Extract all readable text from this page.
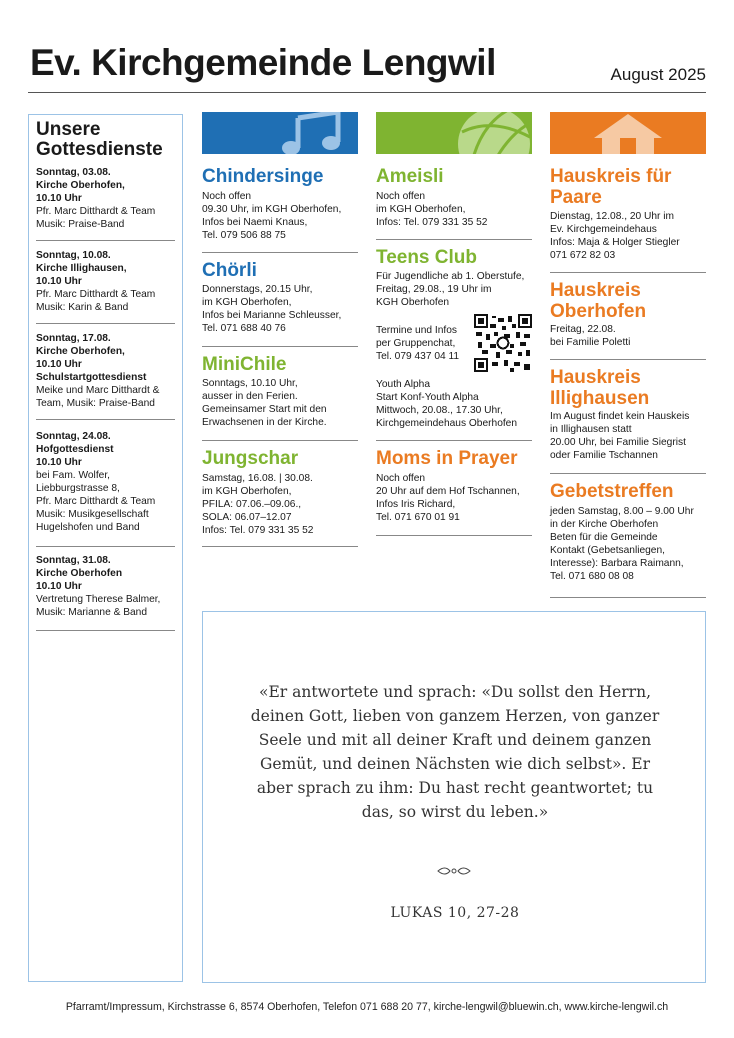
Ev. Kirchgemeinde Lengwil	August 2025
Unsere Gottesdienste
Sonntag, 03.08.
Kirche Oberhofen,
10.10 Uhr
Pfr. Marc Ditthardt & Team
Musik: Praise-Band
Sonntag, 10.08.
Kirche Illighausen,
10.10 Uhr
Pfr. Marc Ditthardt & Team
Musik: Karin & Band
Sonntag, 17.08.
Kirche Oberhofen,
10.10 Uhr
Schulstartgottesdienst
Meike und Marc Ditthardt &
Team, Musik: Praise-Band
Sonntag, 24.08.
Hofgottesdienst
10.10 Uhr
bei Fam. Wolfer,
Liebburgstrasse 8,
Pfr. Marc Ditthardt & Team
Musik: Musikgesellschaft
Hugelshofen und Band
Sonntag, 31.08.
Kirche Oberhofen
10.10 Uhr
Vertretung Therese Balmer,
Musik: Marianne & Band
Chindersinge
Noch offen
09.30 Uhr, im KGH Oberhofen,
Infos bei Naemi Knaus,
Tel. 079 506 88 75
Chörli
Donnerstags, 20.15 Uhr,
im KGH Oberhofen,
Infos bei Marianne Schleusser,
Tel. 071 688 40 76
MiniChile
Sonntags, 10.10 Uhr,
ausser in den Ferien.
Gemeinsamer Start mit den
Erwachsenen in der Kirche.
Jungschar
Samstag, 16.08. | 30.08.
im KGH Oberhofen,
PFILA: 07.06.–09.06.,
SOLA: 06.07–12.07
Infos: Tel. 079 331 35 52
Ameisli
Noch offen
im KGH Oberhofen,
Infos: Tel. 079 331 35 52
Teens Club
Für Jugendliche ab 1. Oberstufe,
Freitag, 29.08., 19 Uhr im
KGH Oberhofen
Termine und Infos
per Gruppenchat,
Tel. 079 437 04 11
Youth Alpha
Start Konf-Youth Alpha
Mittwoch, 20.08., 17.30 Uhr,
Kirchgemeindehaus Oberhofen
Moms in Prayer
Noch offen
20 Uhr auf dem Hof Tschannen,
Infos Iris Richard,
Tel. 071 670 01 91
Hauskreis für Paare
Dienstag, 12.08., 20 Uhr im
Ev. Kirchgemeindehaus
Infos: Maja & Holger Stiegler
071 672 82 03
Hauskreis Oberhofen
Freitag, 22.08.
bei Familie Poletti
Hauskreis Illighausen
Im August findet kein Hauskeis
in Illighausen statt
20.00 Uhr, bei Familie Siegrist
oder Familie Tschannen
Gebetstreffen
jeden Samstag, 8.00 – 9.00 Uhr
in der Kirche Oberhofen
Beten für die Gemeinde
Kontakt (Gebetsanliegen,
Interesse): Barbara Raimann,
Tel. 071 680 08 08
«Er antwortete und sprach: «Du sollst den Herrn, deinen Gott, lieben von ganzem Herzen, von ganzer Seele und mit all deiner Kraft und deinem ganzen Gemüt, und deinen Nächsten wie dich selbst». Er aber sprach zu ihm: Du hast recht geantwortet; tu das, so wirst du leben.»
LUKAS 10, 27-28
Pfarramt/Impressum, Kirchstrasse 6, 8574 Oberhofen, Telefon 071 688 20 77, kirche-lengwil@bluewin.ch, www.kirche-lengwil.ch
